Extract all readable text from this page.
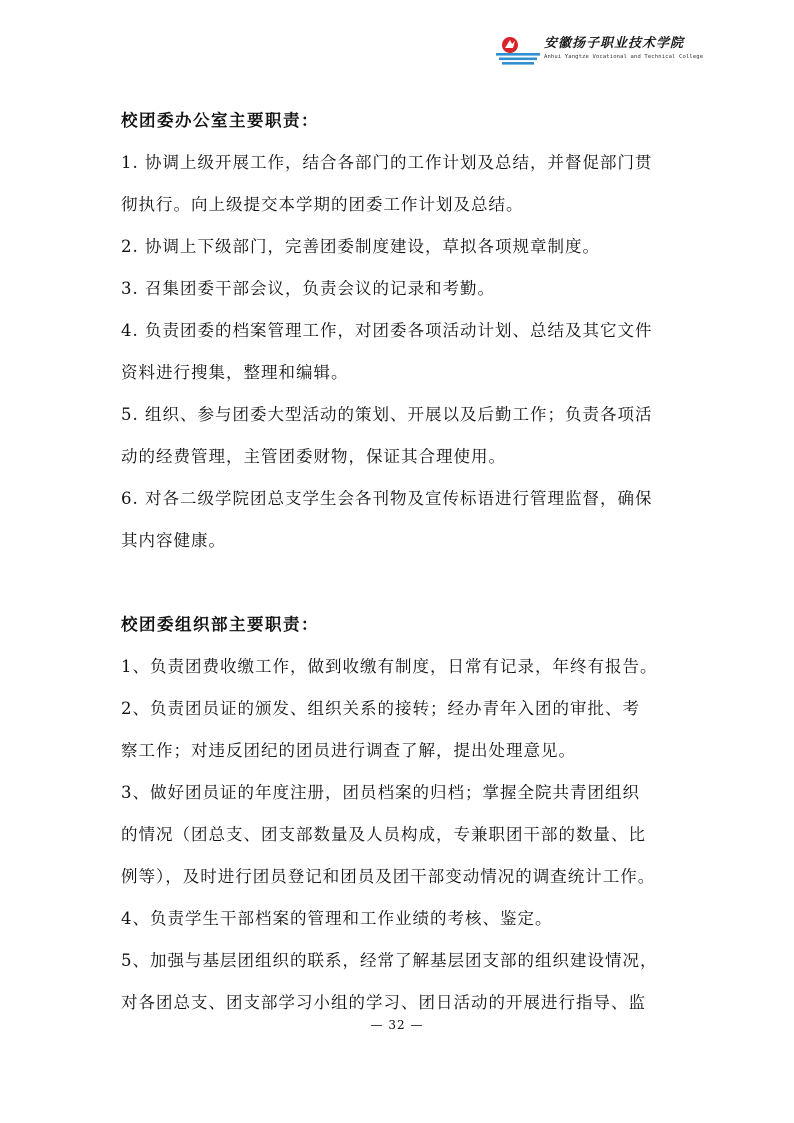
安徽扬子职业技术学院
Anhui Yangtze Vocational and Technical College
校团委办公室主要职责：
1. 协调上级开展工作，结合各部门的工作计划及总结，并督促部门贯
彻执行。向上级提交本学期的团委工作计划及总结。
2. 协调上下级部门，完善团委制度建设，草拟各项规章制度。
3. 召集团委干部会议，负责会议的记录和考勤。
4. 负责团委的档案管理工作，对团委各项活动计划、总结及其它文件
资料进行搜集，整理和编辑。
5. 组织、参与团委大型活动的策划、开展以及后勤工作；负责各项活
动的经费管理，主管团委财物，保证其合理使用。
6. 对各二级学院团总支学生会各刊物及宣传标语进行管理监督，确保
其内容健康。
校团委组织部主要职责：
1、负责团费收缴工作，做到收缴有制度，日常有记录，年终有报告。
2、负责团员证的颁发、组织关系的接转；经办青年入团的审批、考
察工作；对违反团纪的团员进行调查了解，提出处理意见。
3、做好团员证的年度注册，团员档案的归档；掌握全院共青团组织
的情况（团总支、团支部数量及人员构成，专兼职团干部的数量、比
例等），及时进行团员登记和团员及团干部变动情况的调查统计工作。
4、负责学生干部档案的管理和工作业绩的考核、鉴定。
5、加强与基层团组织的联系，经常了解基层团支部的组织建设情况，
对各团总支、团支部学习小组的学习、团日活动的开展进行指导、监
— 32 —
